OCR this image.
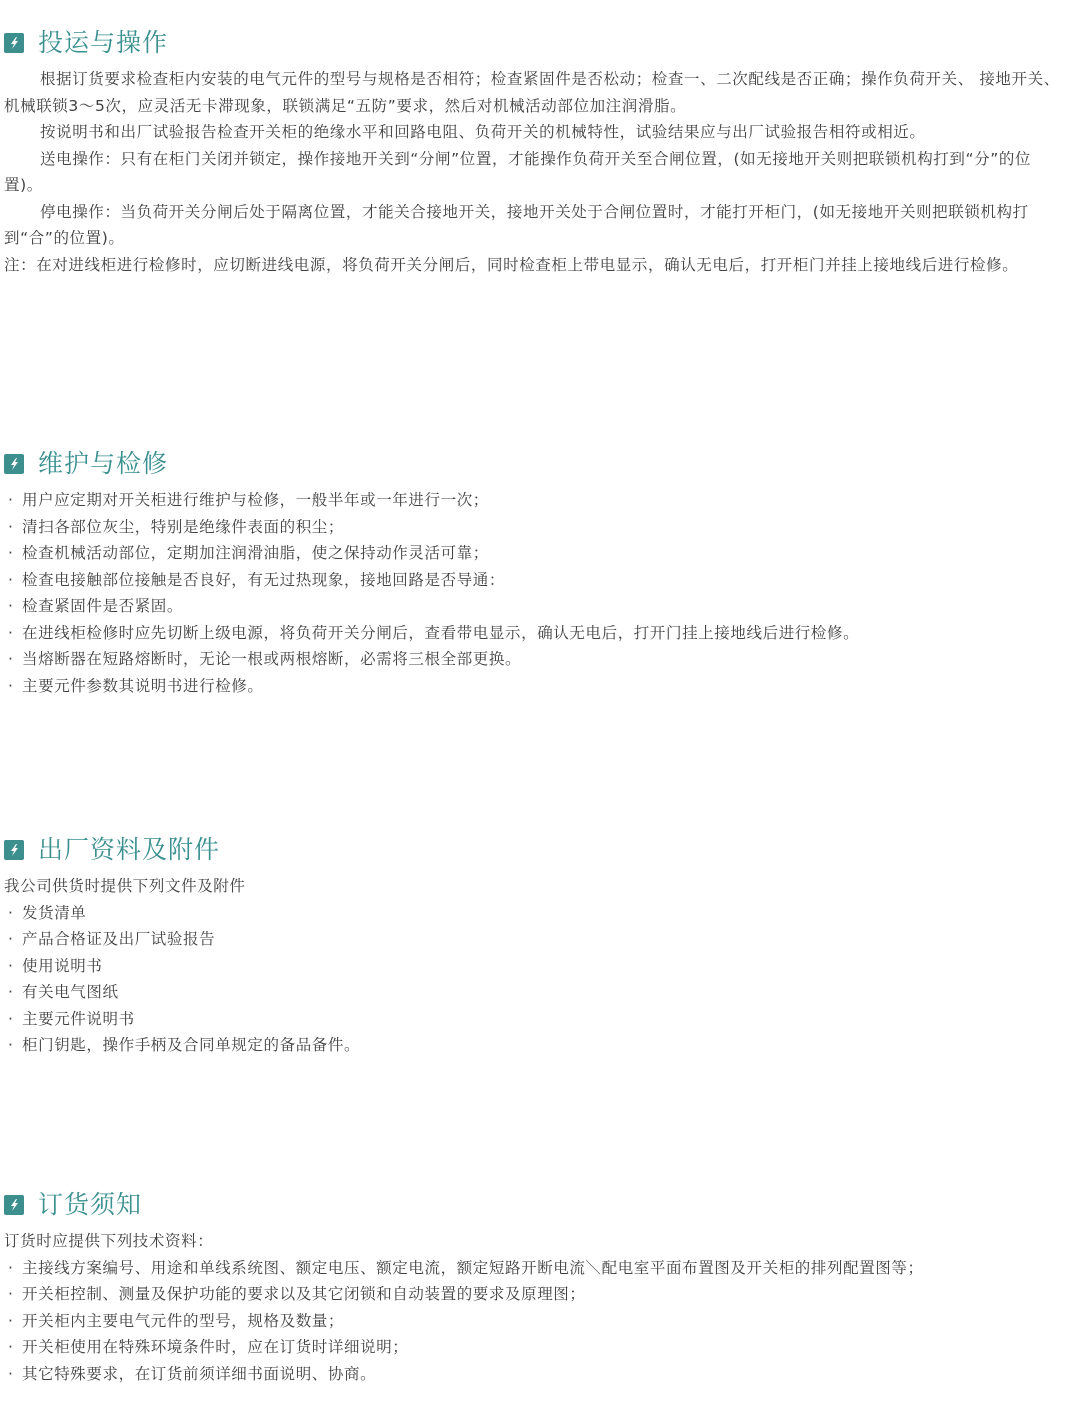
投运与操作

根据订货要求检查柜内安装的电气元件的型号与规格是否相符；检查紧固件是否松动；检查一、二次配线是否正确；操作负荷开关、 接地开关、机械联锁3～5次，应灵活无卡滞现象，联锁满足“五防”要求，然后对机械活动部位加注润滑脂。

按说明书和出厂试验报告检查开关柜的绝缘水平和回路电阻、负荷开关的机械特性，试验结果应与出厂试验报告相符或相近。

送电操作：只有在柜门关闭并锁定，操作接地开关到“分闸”位置，才能操作负荷开关至合闸位置，(如无接地开关则把联锁机构打到“分”的位置)。

停电操作：当负荷开关分闸后处于隔离位置，才能关合接地开关，接地开关处于合闸位置时，才能打开柜门，(如无接地开关则把联锁机构打到“合”的位置)。

注：在对进线柜进行检修时，应切断进线电源，将负荷开关分闸后，同时检查柜上带电显示，确认无电后，打开柜门并挂上接地线后进行检修。

维护与检修

· 用户应定期对开关柜进行维护与检修，一般半年或一年进行一次；

· 清扫各部位灰尘，特别是绝缘件表面的积尘；

· 检查机械活动部位，定期加注润滑油脂，使之保持动作灵活可靠；

· 检查电接触部位接触是否良好，有无过热现象，接地回路是否导通：

· 检查紧固件是否紧固。

· 在进线柜检修时应先切断上级电源，将负荷开关分闸后，查看带电显示，确认无电后，打开门挂上接地线后进行检修。

· 当熔断器在短路熔断时，无论一根或两根熔断，必需将三根全部更换。

· 主要元件参数其说明书进行检修。

出厂资料及附件

我公司供货时提供下列文件及附件

· 发货清单

· 产品合格证及出厂试验报告

· 使用说明书

· 有关电气图纸

· 主要元件说明书

· 柜门钥匙，操作手柄及合同单规定的备品备件。

订货须知

订货时应提供下列技术资料：

· 主接线方案编号、用途和单线系统图、额定电压、额定电流，额定短路开断电流＼配电室平面布置图及开关柜的排列配置图等；

· 开关柜控制、测量及保护功能的要求以及其它闭锁和自动装置的要求及原理图；

· 开关柜内主要电气元件的型号，规格及数量；

· 开关柜使用在特殊环境条件时，应在订货时详细说明；

· 其它特殊要求，在订货前须详细书面说明、协商。
